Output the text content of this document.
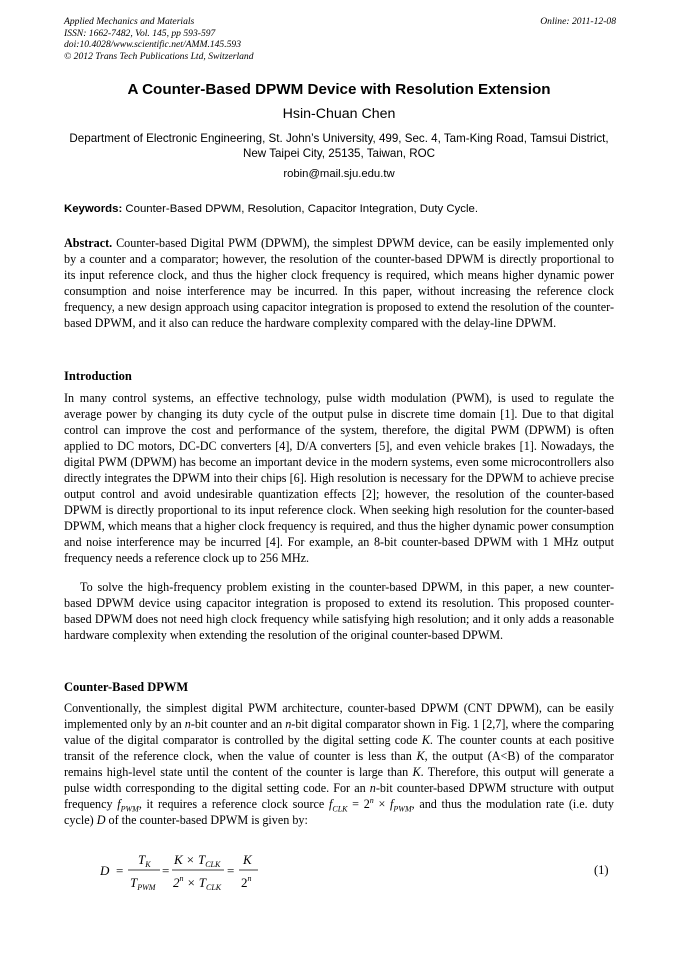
Applied Mechanics and Materials
ISSN: 1662-7482, Vol. 145, pp 593-597
doi:10.4028/www.scientific.net/AMM.145.593
© 2012 Trans Tech Publications Ltd, Switzerland
Online: 2011-12-08
A Counter-Based DPWM Device with Resolution Extension
Hsin-Chuan Chen
Department of Electronic Engineering, St. John’s University, 499, Sec. 4, Tam-King Road, Tamsui District, New Taipei City, 25135, Taiwan, ROC
robin@mail.sju.edu.tw
Keywords: Counter-Based DPWM, Resolution, Capacitor Integration, Duty Cycle.

Abstract. Counter-based Digital PWM (DPWM), the simplest DPWM device, can be easily implemented only by a counter and a comparator; however, the resolution of the counter-based DPWM is directly proportional to its input reference clock, and thus the higher clock frequency is required, which means higher dynamic power consumption and noise interference may be incurred. In this paper, without increasing the reference clock frequency, a new design approach using capacitor integration is proposed to extend the resolution of the counter-based DPWM, and it also can reduce the hardware complexity compared with the delay-line DPWM.

Introduction

In many control systems, an effective technology, pulse width modulation (PWM), is used to regulate the average power by changing its duty cycle of the output pulse in discrete time domain [1]. Due to that digital control can improve the cost and performance of the system, therefore, the digital PWM (DPWM) is often applied to DC motors, DC-DC converters [4], D/A converters [5], and even vehicle brakes [1]. Nowadays, the digital PWM (DPWM) has become an important device in the modern systems, even some microcontrollers also directly integrates the DPWM into their chips [6]. High resolution is necessary for the DPWM to achieve precise output control and avoid undesirable quantization effects [2]; however, the resolution of the counter-based DPWM is directly proportional to its input reference clock. When seeking high resolution for the counter-based DPWM, which means that a higher clock frequency is required, and thus the higher dynamic power consumption and noise interference may be incurred [4]. For example, an 8-bit counter-based DPWM with 1 MHz output frequency needs a reference clock up to 256 MHz.

To solve the high-frequency problem existing in the counter-based DPWM, in this paper, a new counter-based DPWM device using capacitor integration is proposed to extend its resolution. This proposed counter-based DPWM does not need high clock frequency while satisfying high resolution; and it only adds a reasonable hardware complexity when extending the resolution of the original counter-based DPWM.

Counter-Based DPWM

Conventionally, the simplest digital PWM architecture, counter-based DPWM (CNT DPWM), can be easily implemented only by an n-bit counter and an n-bit digital comparator shown in Fig. 1 [2,7], where the comparing value of the digital comparator is controlled by the digital setting code K. The counter counts at each positive transit of the reference clock, when the value of counter is less than K, the output (A<B) of the comparator remains high-level state until the content of the counter is large than K. Therefore, this output will generate a pulse width corresponding to the digital setting code. For an n-bit counter-based DPWM structure with output frequency $f_{PWM}$, it requires a reference clock source $f_{CLK} = 2^n \times f_{PWM}$, and thus the modulation rate (i.e. duty cycle) D of the counter-based DPWM is given by:

D =
$T_K$
$T_{PWM}$
=
$K \times T_{CLK}$
$2^n \times T_{CLK}$
=
K
2$^n$
(1)
